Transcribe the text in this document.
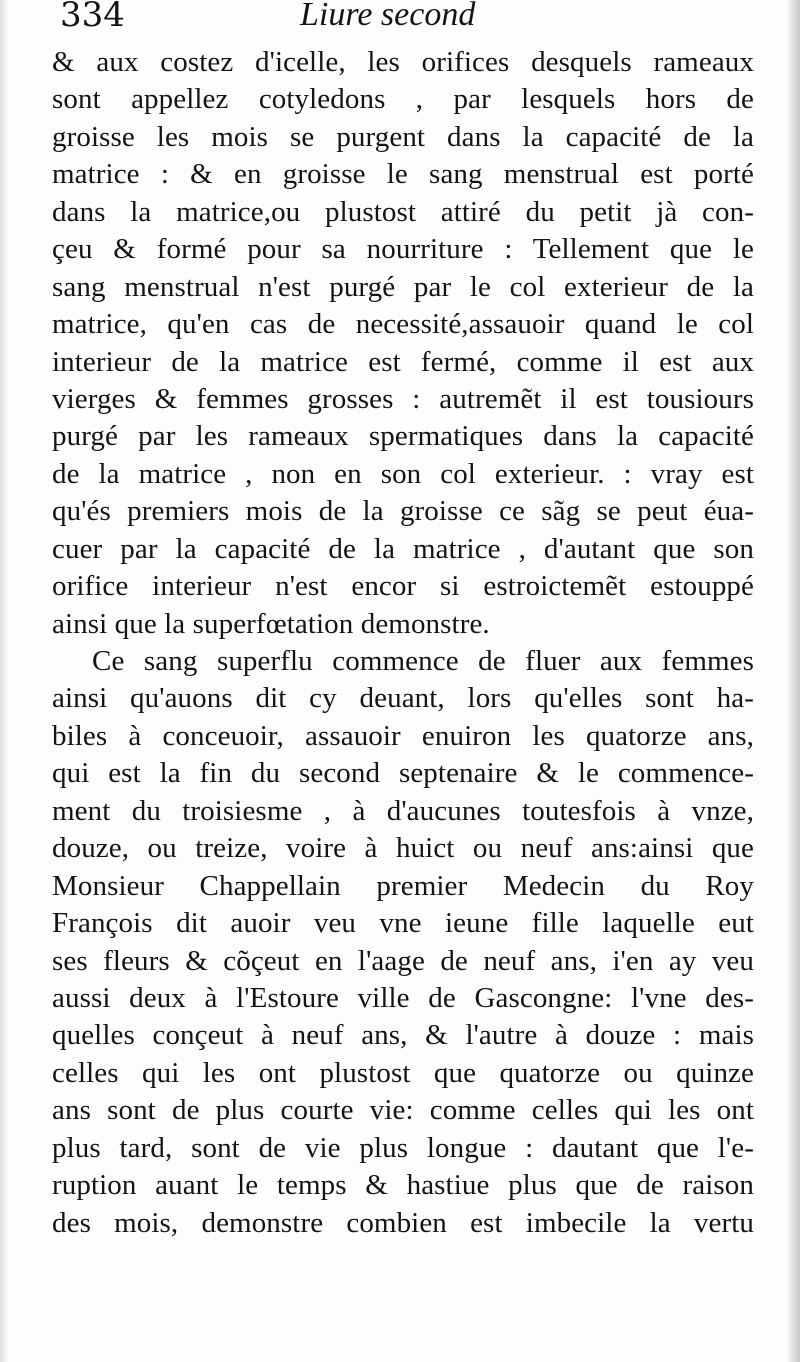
334	Liure second
& aux costez d'icelle, les orifices desquels rameaux
sont appellez cotyledons , par lesquels hors de
groisse les mois se purgent dans la capacité de la
matrice : & en groisse le sang menstrual est porté
dans la matrice,ou plustost attiré du petit jà con-
çeu & formé pour sa nourriture : Tellement que le
sang menstrual n'est purgé par le col exterieur de la
matrice, qu'en cas de necessité,assauoir quand le col
interieur de la matrice est fermé, comme il est aux
vierges & femmes grosses : autremẽt il est tousiours
purgé par les rameaux spermatiques dans la capacité
de la matrice , non en son col exterieur. : vray est
qu'és premiers mois de la groisse ce sãg se peut éua-
cuer par la capacité de la matrice , d'autant que son
orifice interieur n'est encor si estroictemẽt estouppé
ainsi que la superfœtation demonstre.
Ce sang superflu commence de fluer aux femmes
ainsi qu'auons dit cy deuant, lors qu'elles sont ha-
biles à conceuoir, assauoir enuiron les quatorze ans,
qui est la fin du second septenaire & le commence-
ment du troisiesme , à d'aucunes toutesfois à vnze,
douze, ou treize, voire à huict ou neuf ans:ainsi que
Monsieur Chappellain premier Medecin du Roy
François dit auoir veu vne ieune fille laquelle eut
ses fleurs & cõçeut en l'aage de neuf ans, i'en ay veu
aussi deux à l'Estoure ville de Gascongne: l'vne des-
quelles conçeut à neuf ans, & l'autre à douze : mais
celles qui les ont plustost que quatorze ou quinze
ans sont de plus courte vie: comme celles qui les ont
plus tard, sont de vie plus longue : dautant que l'e-
ruption auant le temps & hastiue plus que de raison
des mois, demonstre combien est imbecile la vertu
